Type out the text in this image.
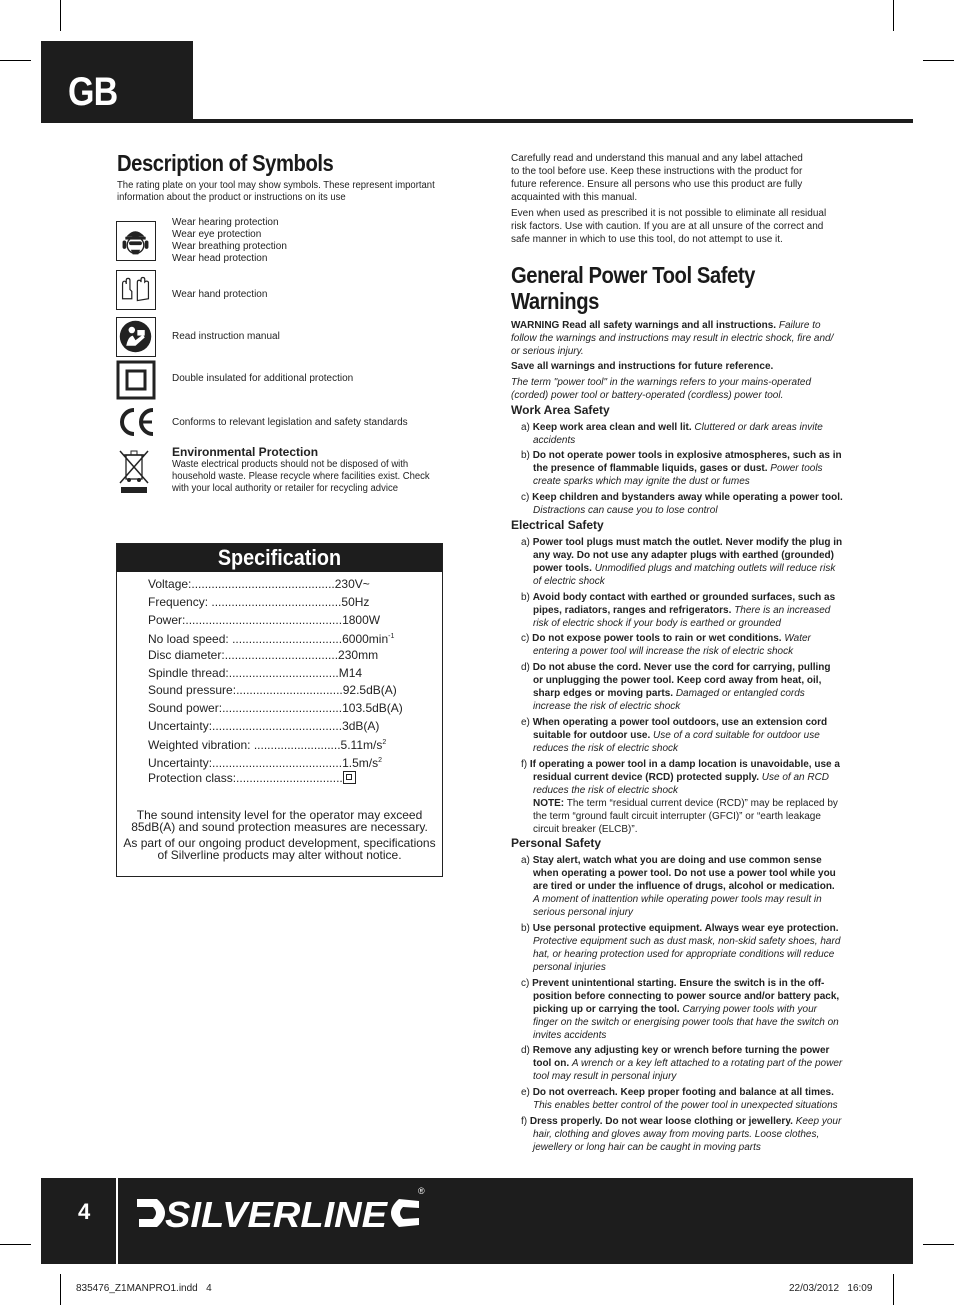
GB
Description of Symbols
The rating plate on your tool may show symbols. These represent important information about the product or instructions on its use
Wear hearing protection
Wear eye protection
Wear breathing protection
Wear head protection
Wear hand protection
Read instruction manual
Double insulated for additional protection
Conforms to relevant legislation and safety standards
Environmental Protection
Waste electrical products should not be disposed of with household waste. Please recycle where facilities exist. Check with your local authority or retailer for recycling advice
Specification
Voltage:...........................................230V~
Frequency: .......................................50Hz
Power:...............................................1800W
No load speed: $.................................6000\min^{-1}$
Disc diameter:..................................230mm
Spindle thread:.................................M14
Sound pressure:................................92.5dB(A)
Sound power:....................................103.5dB(A)
Uncertainty:.......................................3dB(A)
Weighted vibration: $..........................5.11m/s^2$
$Uncertainty:.......................................1.5m/s^2$
Protection class:................................
The sound intensity level for the operator may exceed
85dB(A) and sound protection measures are necessary.
As part of our ongoing product development, specifications
of Silverline products may alter without notice.
Carefully read and understand this manual and any label attached to the tool before use. Keep these instructions with the product for future reference. Ensure all persons who use this product are fully acquainted with this manual.
Even when used as prescribed it is not possible to eliminate all residual risk factors. Use with caution. If you are at all unsure of the correct and safe manner in which to use this tool, do not attempt to use it.
General Power Tool Safety
Warnings
WARNING Read all safety warnings and all instructions. Failure to follow the warnings and instructions may result in electric shock, fire and/ or serious injury.
Save all warnings and instructions for future reference.
The term "power tool" in the warnings refers to your mains-operated (corded) power tool or battery-operated (cordless) power tool.
Work Area Safety
a) Keep work area clean and well lit. Cluttered or dark areas invite accidents
b) Do not operate power tools in explosive atmospheres, such as in the presence of flammable liquids, gases or dust. Power tools create sparks which may ignite the dust or fumes
c) Keep children and bystanders away while operating a power tool. Distractions can cause you to lose control
Electrical Safety
a) Power tool plugs must match the outlet. Never modify the plug in any way. Do not use any adapter plugs with earthed (grounded) power tools. Unmodified plugs and matching outlets will reduce risk of electric shock
b) Avoid body contact with earthed or grounded surfaces, such as pipes, radiators, ranges and refrigerators. There is an increased risk of electric shock if your body is earthed or grounded
c) Do not expose power tools to rain or wet conditions. Water entering a power tool will increase the risk of electric shock
d) Do not abuse the cord. Never use the cord for carrying, pulling or unplugging the power tool. Keep cord away from heat, oil, sharp edges or moving parts. Damaged or entangled cords increase the risk of electric shock
e) When operating a power tool outdoors, use an extension cord suitable for outdoor use. Use of a cord suitable for outdoor use reduces the risk of electric shock
f) If operating a power tool in a damp location is unavoidable, use a residual current device (RCD) protected supply. Use of an RCD reduces the risk of electric shock
NOTE: The term “residual current device (RCD)” may be replaced by the term “ground fault circuit interrupter (GFCI)” or “earth leakage circuit breaker (ELCB)”.
Personal Safety
a) Stay alert, watch what you are doing and use common sense when operating a power tool. Do not use a power tool while you are tired or under the influence of drugs, alcohol or medication. A moment of inattention while operating power tools may result in serious personal injury
b) Use personal protective equipment. Always wear eye protection. Protective equipment such as dust mask, non-skid safety shoes, hard hat, or hearing protection used for appropriate conditions will reduce personal injuries
c) Prevent unintentional starting. Ensure the switch is in the off-position before connecting to power source and/or battery pack, picking up or carrying the tool. Carrying power tools with your finger on the switch or energising power tools that have the switch on invites accidents
d) Remove any adjusting key or wrench before turning the power tool on. A wrench or a key left attached to a rotating part of the power tool may result in personal injury
e) Do not overreach. Keep proper footing and balance at all times. This enables better control of the power tool in unexpected situations
f) Dress properly. Do not wear loose clothing or jewellery. Keep your hair, clothing and gloves away from moving parts. Loose clothes, jewellery or long hair can be caught in moving parts
4 SILVERLINE
®
835476_Z1MANPRO1.indd   4	22/03/2012   16:09
